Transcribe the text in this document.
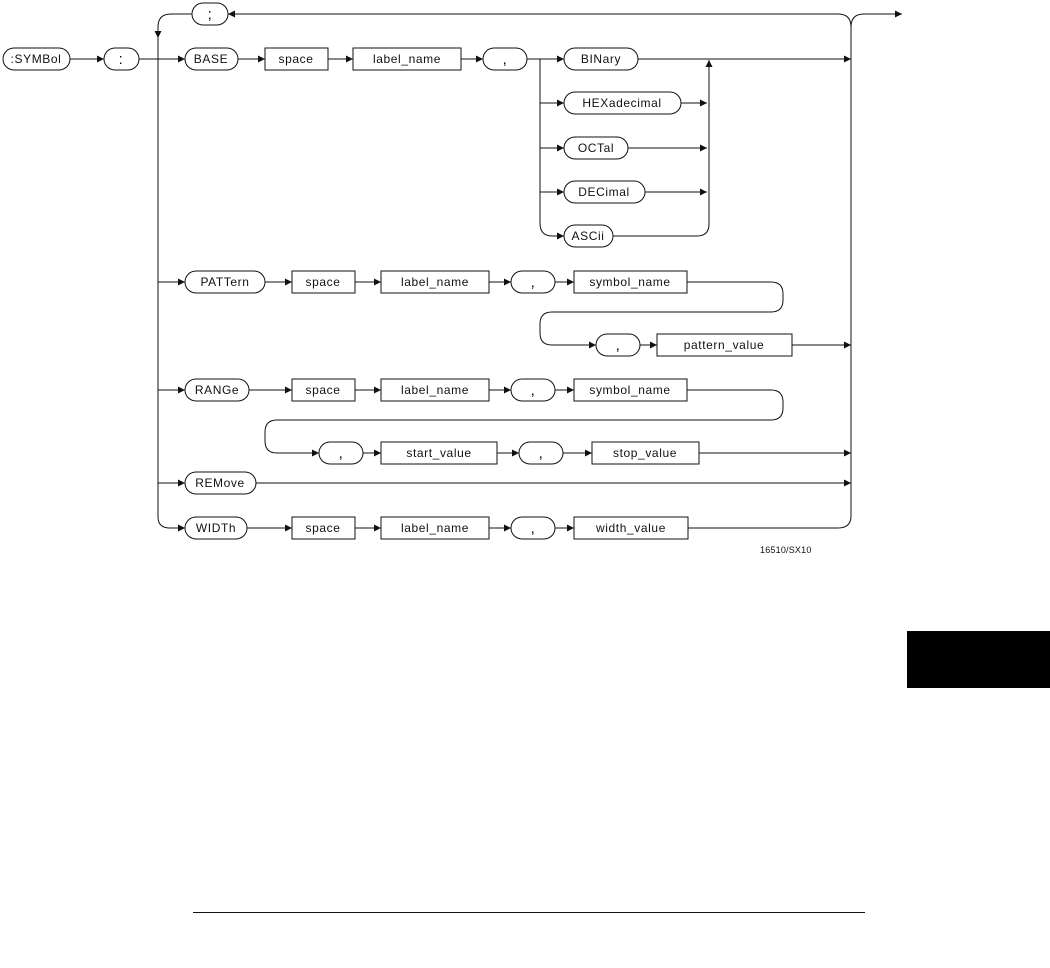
:SYMBol	:
;
BASE	space	label_name	,	BINary
HEXadecimal
OCTal
DECimal
ASCii
PATTern	space	label_name	,	symbol_name
,	pattern_value
RANGe	space	label_name	,	symbol_name
,	start_value	,	stop_value
REMove
WIDTh	space	label_name	,	width_value
16510/SX10
